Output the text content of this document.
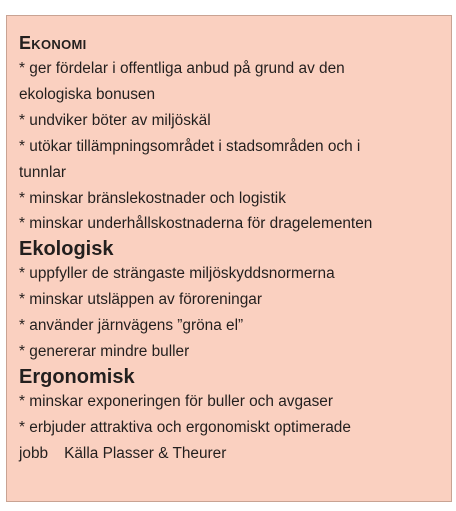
Ekonomi
* ger fördelar i offentliga anbud på grund av den
ekologiska bonusen
* undviker böter av miljöskäl
* utökar tillämpningsområdet i stadsområden och i
tunnlar
* minskar bränslekostnader och logistik
* minskar underhållskostnaderna för dragelementen
Ekologisk
* uppfyller de strängaste miljöskyddsnormerna
* minskar utsläppen av föroreningar
* använder järnvägens ”gröna el”
* genererar mindre buller
Ergonomisk
* minskar exponeringen för buller och avgaser
* erbjuder attraktiva och ergonomiskt optimerade
jobb Källa Plasser & Theurer
